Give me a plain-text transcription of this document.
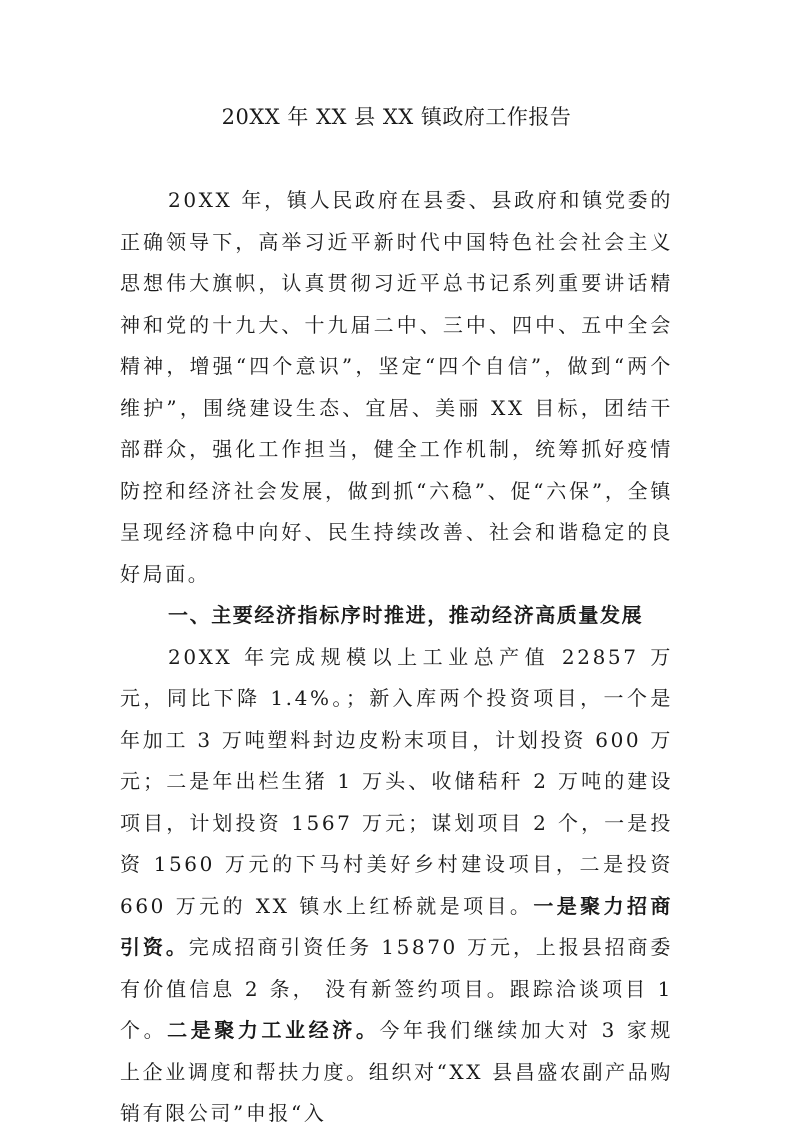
20XX 年 XX 县 XX 镇政府工作报告

20XX 年，镇人民政府在县委、县政府和镇党委的正确领导下，高举习近平新时代中国特色社会社会主义思想伟大旗帜，认真贯彻习近平总书记系列重要讲话精神和党的十九大、十九届二中、三中、四中、五中全会精神，增强“四个意识”，坚定“四个自信”，做到“两个维护”，围绕建设生态、宜居、美丽 XX 目标，团结干部群众，强化工作担当，健全工作机制，统筹抓好疫情防控和经济社会发展，做到抓“六稳”、促“六保”，全镇呈现经济稳中向好、民生持续改善、社会和谐稳定的良好局面。

一、主要经济指标序时推进，推动经济高质量发展

20XX 年完成规模以上工业总产值 22857 万元，同比下降 1.4%。；新入库两个投资项目，一个是年加工 3 万吨塑料封边皮粉末项目，计划投资 600 万元；二是年出栏生猪 1 万头、收储秸秆 2 万吨的建设项目，计划投资 1567 万元；谋划项目 2 个，一是投资 1560 万元的下马村美好乡村建设项目，二是投资 660 万元的 XX 镇水上红桥就是项目。一是聚力招商引资。完成招商引资任务 15870 万元，上报县招商委有价值信息 2 条， 没有新签约项目。跟踪洽谈项目 1 个。二是聚力工业经济。今年我们继续加大对 3 家规上企业调度和帮扶力度。组织对“XX 县昌盛农副产品购销有限公司”申报“入
